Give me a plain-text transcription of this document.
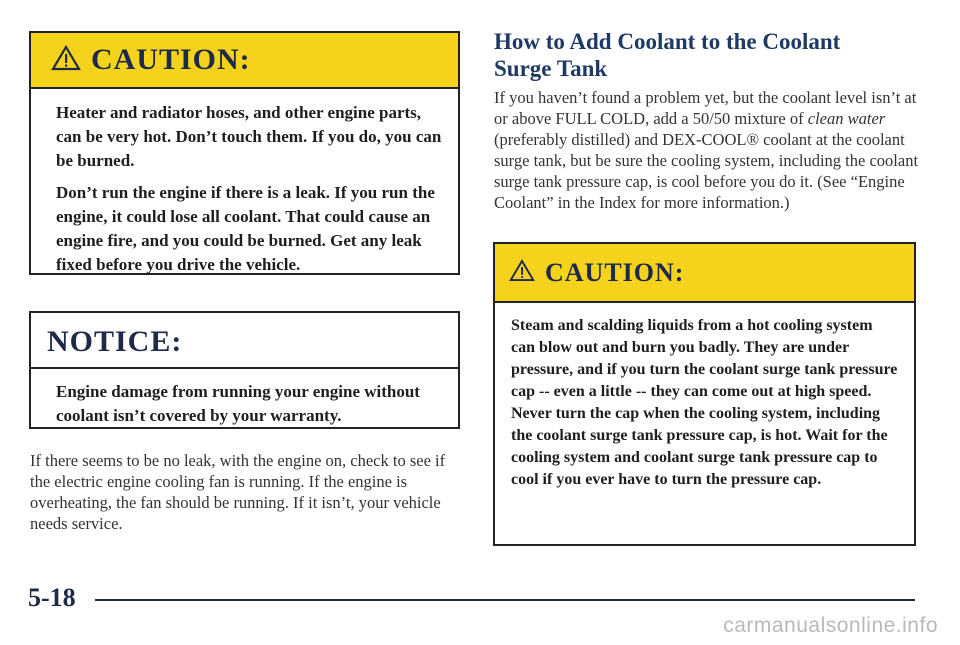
CAUTION:

Heater and radiator hoses, and other engine parts, can be very hot. Don’t touch them. If you do, you can be burned.

Don’t run the engine if there is a leak. If you run the engine, it could lose all coolant. That could cause an engine fire, and you could be burned. Get any leak fixed before you drive the vehicle.

NOTICE:

Engine damage from running your engine without coolant isn’t covered by your warranty.

If there seems to be no leak, with the engine on, check to see if the electric engine cooling fan is running. If the engine is overheating, the fan should be running. If it isn’t, your vehicle needs service.

How to Add Coolant to the Coolant Surge Tank

If you haven’t found a problem yet, but the coolant level isn’t at or above FULL COLD, add a 50/50 mixture of clean water (preferably distilled) and DEX-COOL® coolant at the coolant surge tank, but be sure the cooling system, including the coolant surge tank pressure cap, is cool before you do it. (See “Engine Coolant” in the Index for more information.)

CAUTION:

Steam and scalding liquids from a hot cooling system can blow out and burn you badly. They are under pressure, and if you turn the coolant surge tank pressure cap -- even a little -- they can come out at high speed. Never turn the cap when the cooling system, including the coolant surge tank pressure cap, is hot. Wait for the cooling system and coolant surge tank pressure cap to cool if you ever have to turn the pressure cap.

5-18
carmanualsonline.info
